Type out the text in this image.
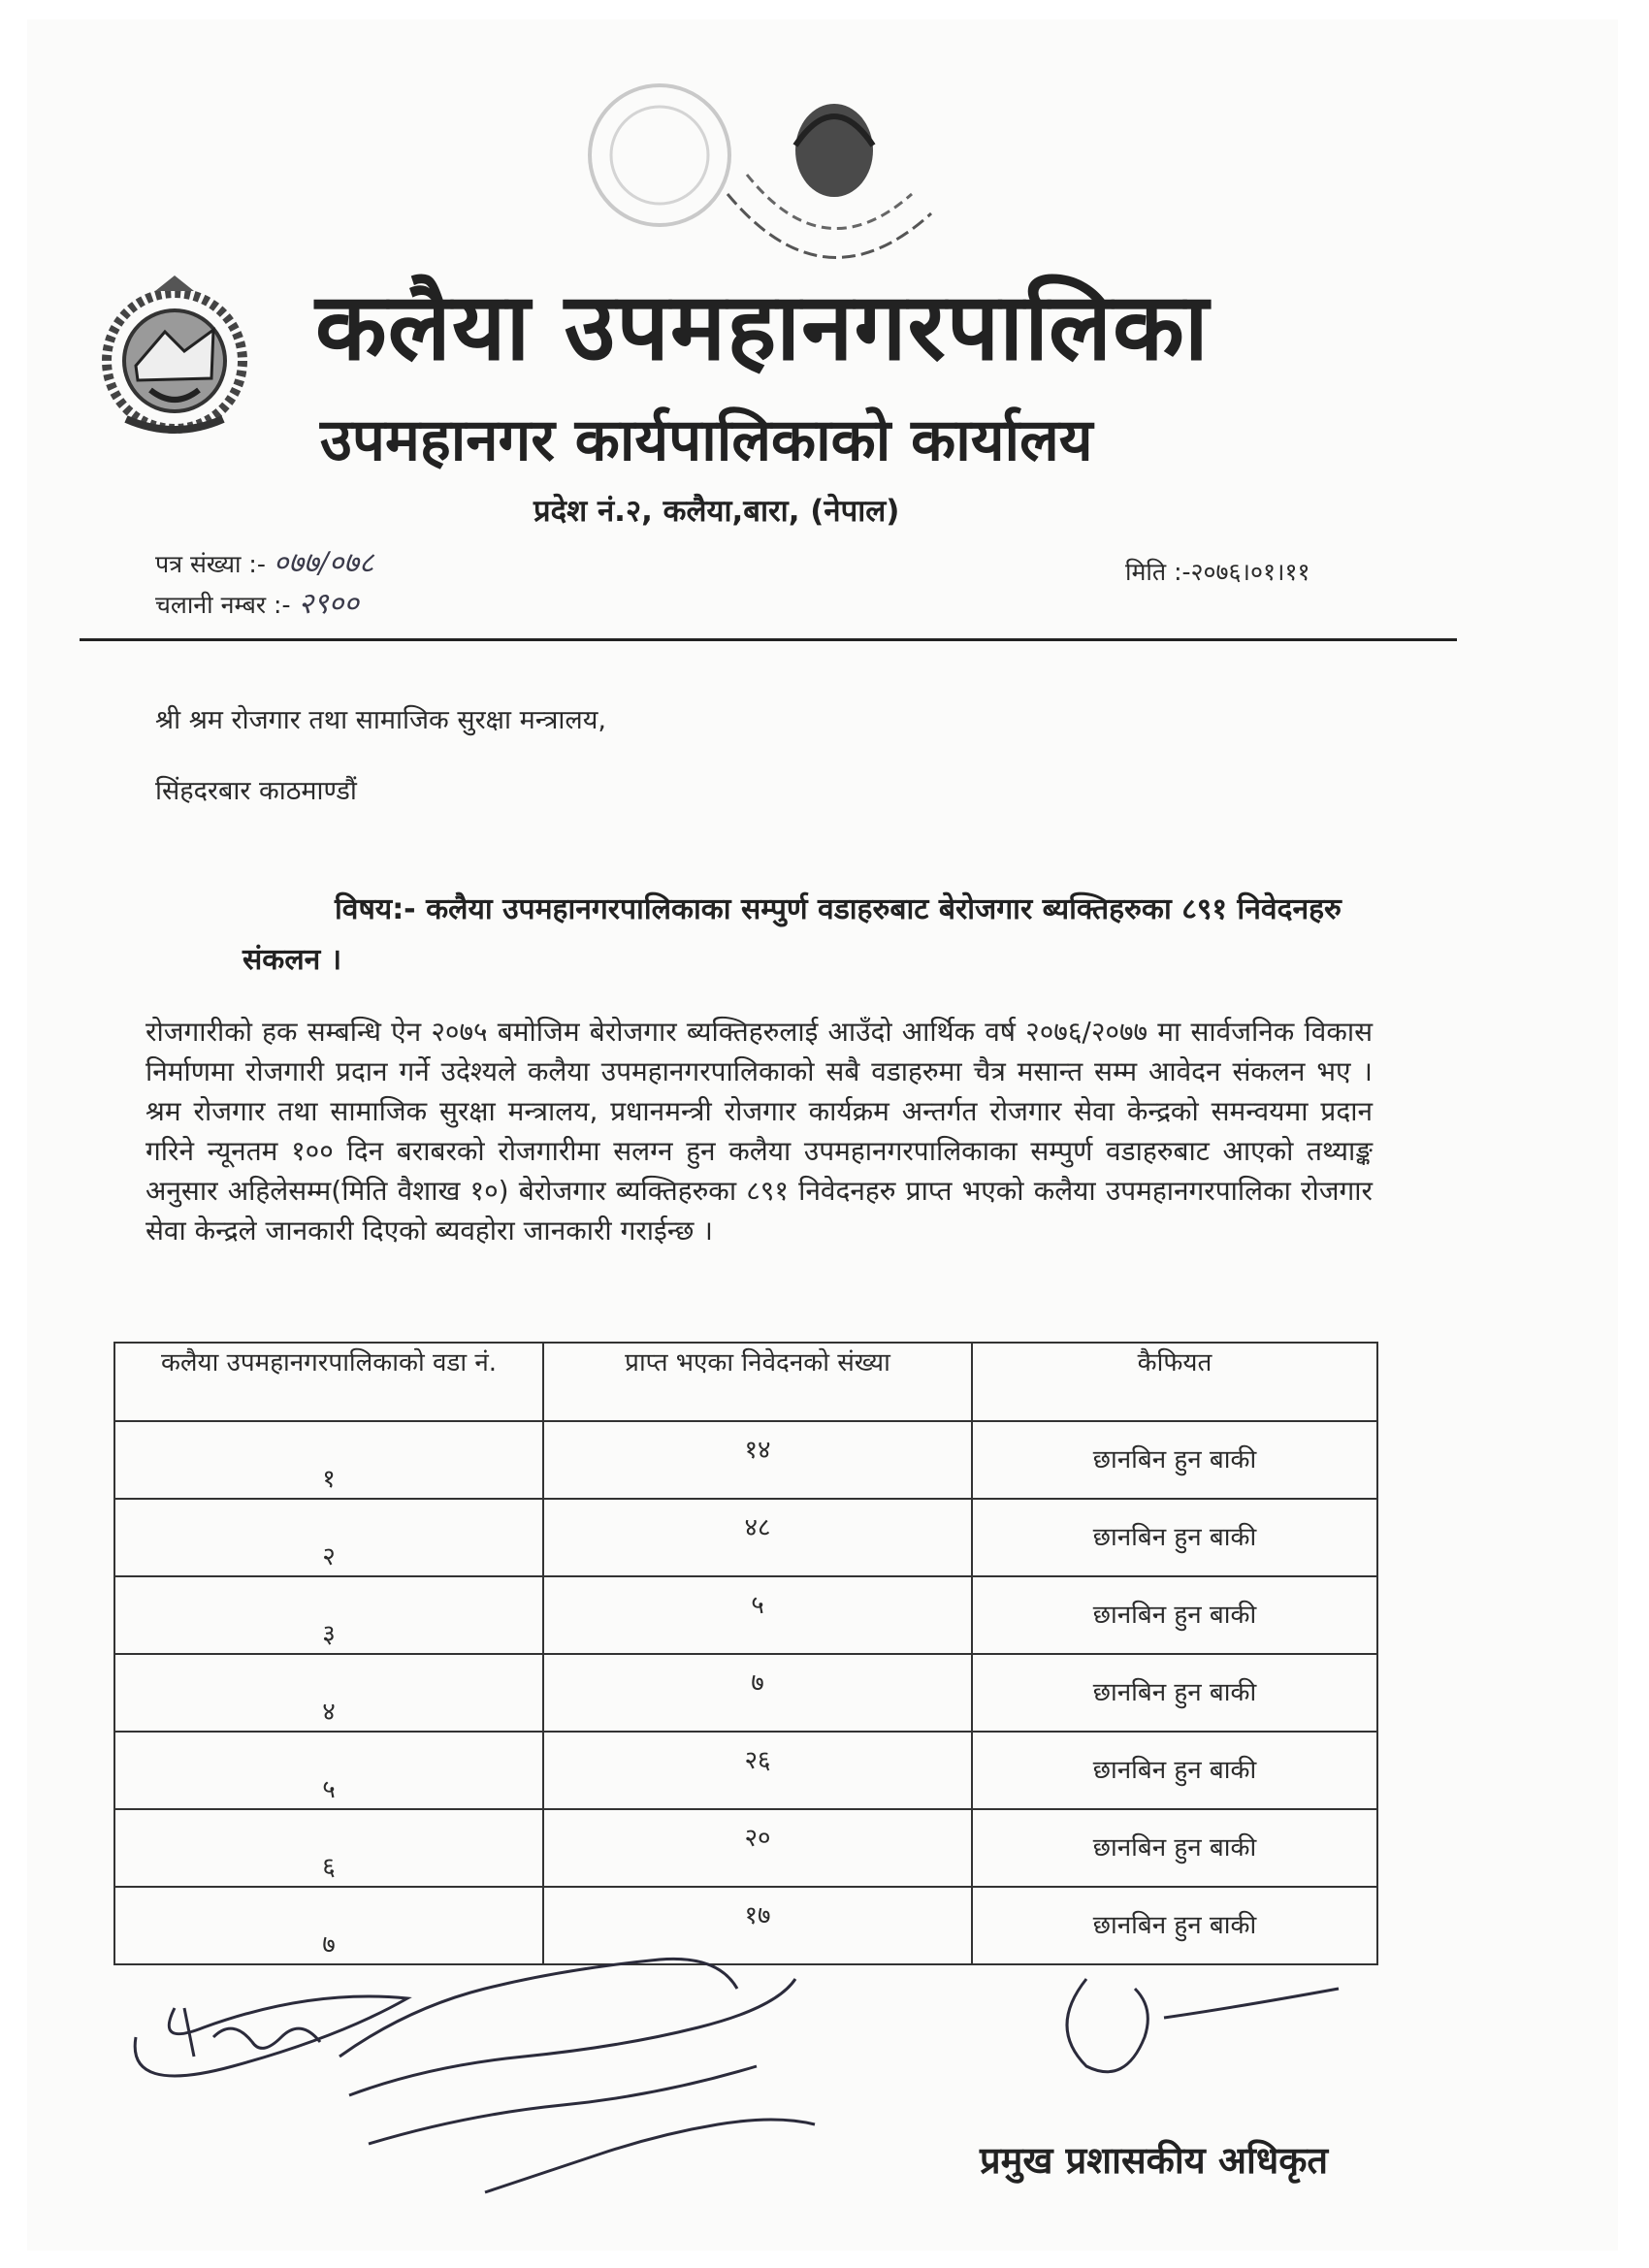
कलैया उपमहानगरपालिका
उपमहानगर कार्यपालिकाको कार्यालय
प्रदेश नं.२, कलैया,बारा, (नेपाल)
पत्र संख्या :- ०७७/०७८
चलानी नम्बर :- २९००
मिति :-२०७६।०१।११
श्री श्रम रोजगार तथा सामाजिक सुरक्षा मन्त्रालय,
सिंहदरबार काठमाण्डौं
विषय:- कलैया उपमहानगरपालिकाका सम्पुर्ण वडाहरुबाट बेरोजगार ब्यक्तिहरुका ८९१ निवेदनहरु संकलन ।
रोजगारीको हक सम्बन्धि ऐन २०७५ बमोजिम बेरोजगार ब्यक्तिहरुलाई आउँदो आर्थिक वर्ष २०७६/२०७७ मा सार्वजनिक विकास निर्माणमा रोजगारी प्रदान गर्ने उदेश्यले कलैया उपमहानगरपालिकाको सबै वडाहरुमा चैत्र मसान्त सम्म आवेदन संकलन भए । श्रम रोजगार तथा सामाजिक सुरक्षा मन्त्रालय, प्रधानमन्त्री रोजगार कार्यक्रम अन्तर्गत रोजगार सेवा केन्द्रको समन्वयमा प्रदान गरिने न्यूनतम १०० दिन बराबरको रोजगारीमा सलग्न हुन कलैया उपमहानगरपालिकाका सम्पुर्ण वडाहरुबाट आएको तथ्याङ्क अनुसार अहिलेसम्म(मिति वैशाख १०) बेरोजगार ब्यक्तिहरुका ८९१ निवेदनहरु प्राप्त भएको कलैया उपमहानगरपालिका रोजगार सेवा केन्द्रले जानकारी दिएको ब्यवहोरा जानकारी गराईन्छ ।
कलैया उपमहानगरपालिकाको वडा नं.	प्राप्त भएका निवेदनको संख्या	कैफियत

१	१४	छानबिन हुन बाकी

२	४८	छानबिन हुन बाकी

३	५	छानबिन हुन बाकी

४	७	छानबिन हुन बाकी

५	२६	छानबिन हुन बाकी

६	२०	छानबिन हुन बाकी

७	१७	छानबिन हुन बाकी
प्रमुख प्रशासकीय अधिकृत
